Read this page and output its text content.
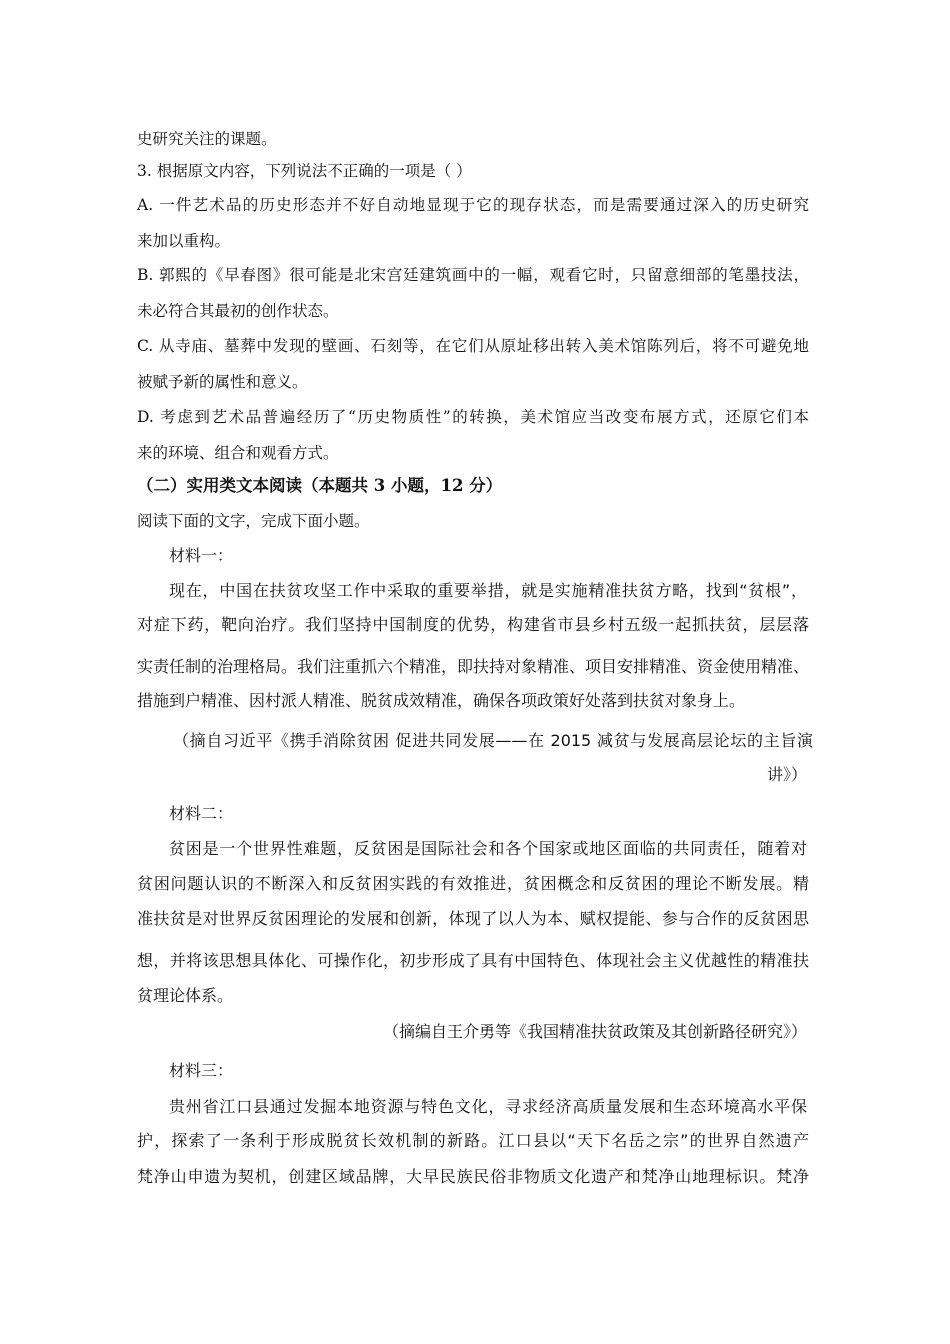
史研究关注的课题。
3. 根据原文内容，下列说法不正确的一项是（ ）
A. 一件艺术品的历史形态并不好自动地显现于它的现存状态，而是需要通过深入的历史研究
来加以重构。
B. 郭熙的《早春图》很可能是北宋宫廷建筑画中的一幅，观看它时，只留意细部的笔墨技法，
未必符合其最初的创作状态。
C. 从寺庙、墓葬中发现的壁画、石刻等，在它们从原址移出转入美术馆陈列后，将不可避免地
被赋予新的属性和意义。
D. 考虑到艺术品普遍经历了“历史物质性”的转换，美术馆应当改变布展方式，还原它们本
来的环境、组合和观看方式。
（二）实用类文本阅读（本题共 3 小题，12 分）
阅读下面的文字，完成下面小题。
材料一：
现在，中国在扶贫攻坚工作中采取的重要举措，就是实施精准扶贫方略，找到“贫根”，
对症下药，靶向治疗。我们坚持中国制度的优势，构建省市县乡村五级一起抓扶贫，层层落
实责任制的治理格局。我们注重抓六个精准，即扶持对象精准、项目安排精准、资金使用精准、
措施到户精准、因村派人精准、脱贫成效精准，确保各项政策好处落到扶贫对象身上。
（摘自习近平《携手消除贫困 促进共同发展——在 2015 减贫与发展高层论坛的主旨演
讲》）
材料二：
贫困是一个世界性难题，反贫困是国际社会和各个国家或地区面临的共同责任，随着对
贫困问题认识的不断深入和反贫困实践的有效推进，贫困概念和反贫困的理论不断发展。精
准扶贫是对世界反贫困理论的发展和创新，体现了以人为本、赋权提能、参与合作的反贫困思
想，并将该思想具体化、可操作化，初步形成了具有中国特色、体现社会主义优越性的精准扶
贫理论体系。
（摘编自王介勇等《我国精准扶贫政策及其创新路径研究》）
材料三：
贵州省江口县通过发掘本地资源与特色文化，寻求经济高质量发展和生态环境高水平保
护，探索了一条利于形成脱贫长效机制的新路。江口县以“天下名岳之宗”的世界自然遗产
梵净山申遗为契机，创建区域品牌，大早民族民俗非物质文化遗产和梵净山地理标识。梵净
